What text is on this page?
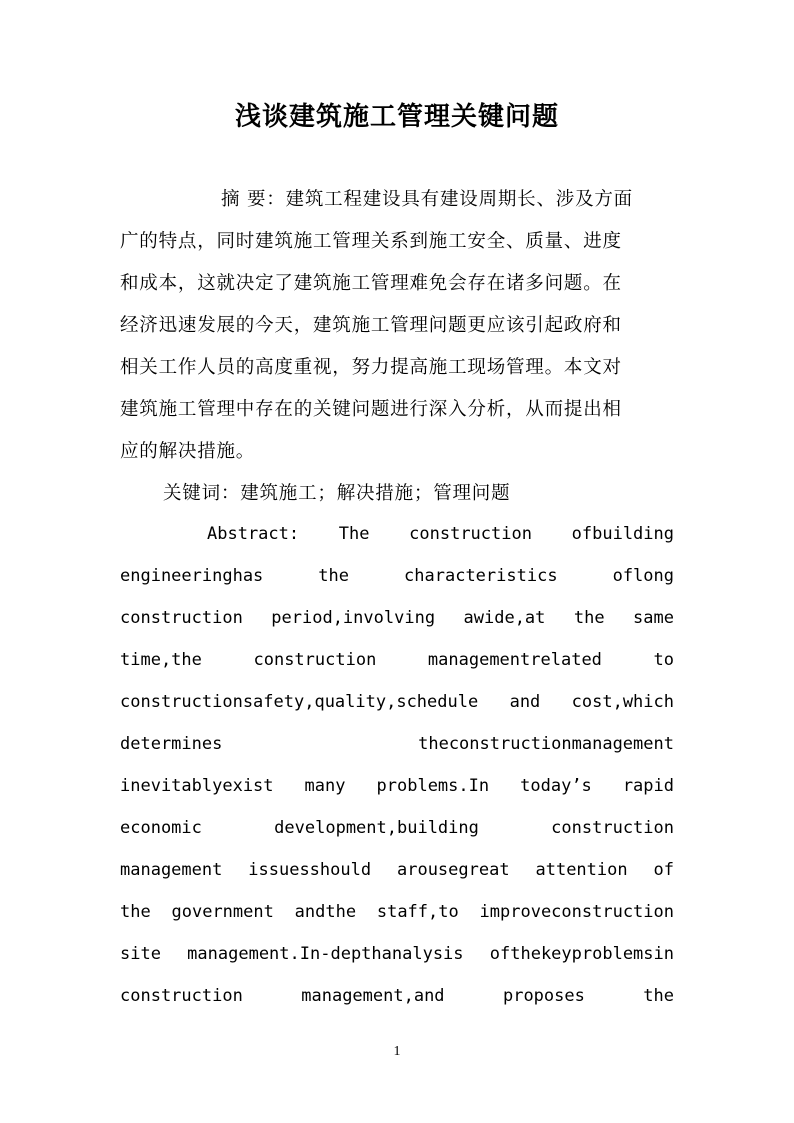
浅谈建筑施工管理关键问题
摘 要：建筑工程建设具有建设周期长、涉及方面
广的特点，同时建筑施工管理关系到施工安全、质量、进度
和成本，这就决定了建筑施工管理难免会存在诸多问题。在
经济迅速发展的今天，建筑施工管理问题更应该引起政府和
相关工作人员的高度重视，努力提高施工现场管理。本文对
建筑施工管理中存在的关键问题进行深入分析，从而提出相
应的解决措施。
关键词：建筑施工；解决措施；管理问题
Abstract: The construction ofbuilding
engineeringhas the characteristics oflong
construction period,involving awide,at the same
time,the construction managementrelated to
constructionsafety,quality,schedule and cost,which
determines theconstructionmanagement
inevitablyexist many problems.In today’s rapid
economic development,building construction
management issuesshould arousegreat attention of
the government andthe staff,to improveconstruction
site management.In-depthanalysis ofthekeyproblemsin
construction management,and proposes the
1
